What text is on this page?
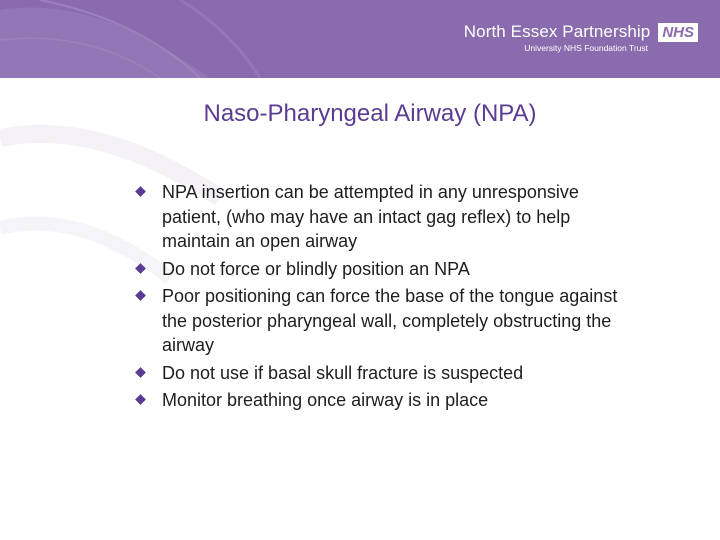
North Essex Partnership NHS
University NHS Foundation Trust
Naso-Pharyngeal Airway (NPA)
NPA insertion can be attempted in any unresponsive patient, (who may have an intact gag reflex) to help maintain an open airway
Do not force or blindly position an NPA
Poor positioning can force the base of the tongue against the posterior pharyngeal wall, completely obstructing the airway
Do not use if basal skull fracture is suspected
Monitor breathing once airway is in place
